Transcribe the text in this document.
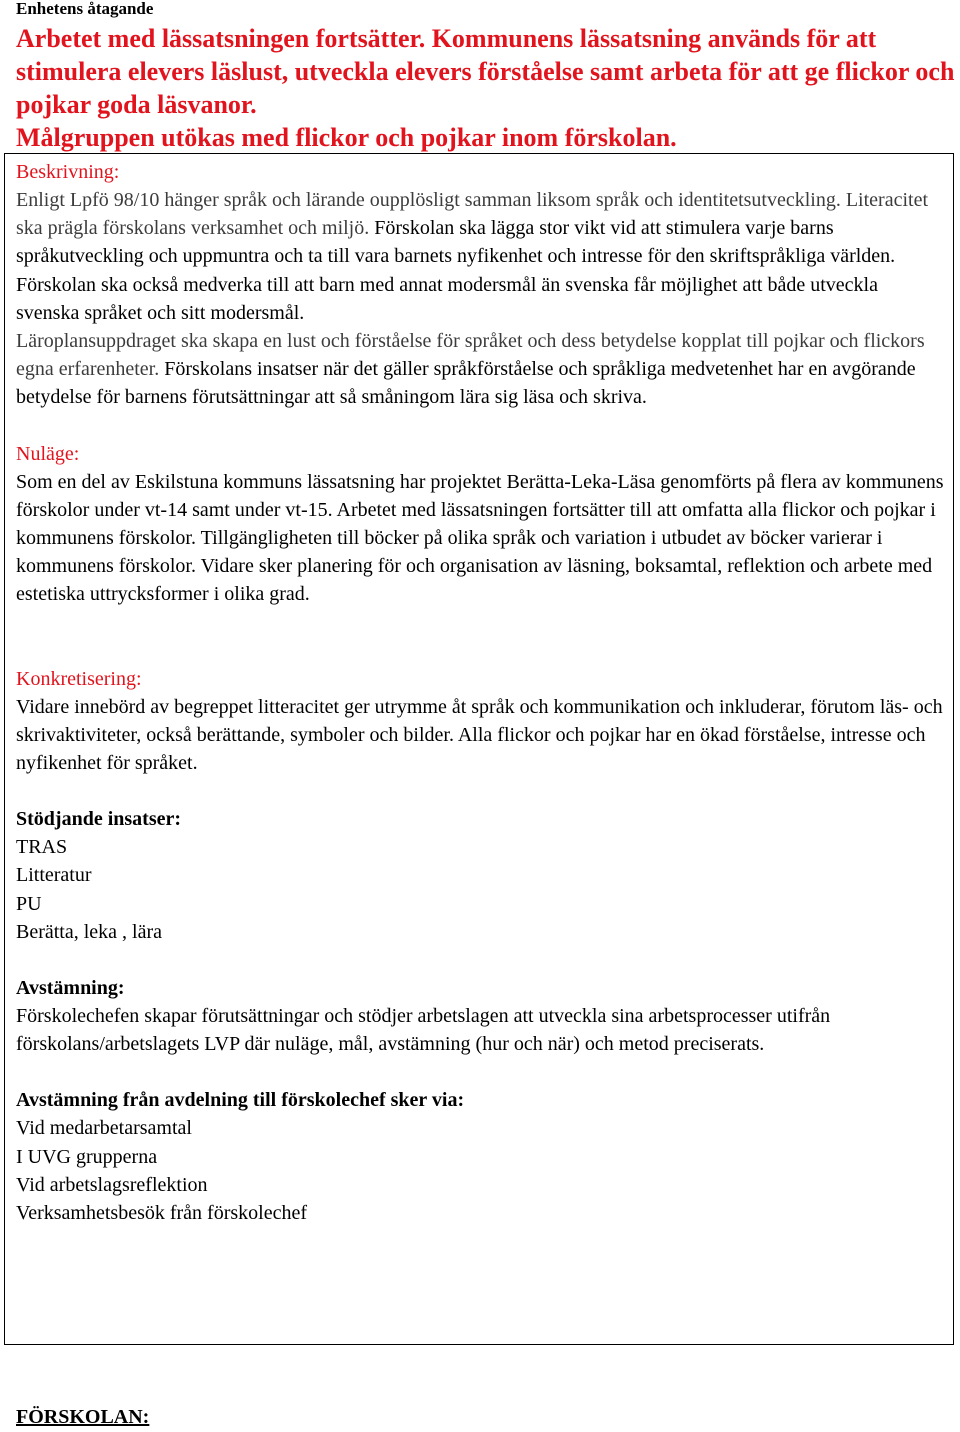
Enhetens åtagande
Arbetet med lässatsningen fortsätter. Kommunens lässatsning används för att stimulera elevers läslust, utveckla elevers förståelse samt arbeta för att ge flickor och pojkar goda läsvanor.
Målgruppen utökas med flickor och pojkar inom förskolan.

Beskrivning:

Enligt Lpfö 98/10 hänger språk och lärande oupplösligt samman liksom språk och identitetsutveckling. Literacitet ska prägla förskolans verksamhet och miljö. Förskolan ska lägga stor vikt vid att stimulera varje barns språkutveckling och uppmuntra och ta till vara barnets nyfikenhet och intresse för den skriftspråkliga världen. Förskolan ska också medverka till att barn med annat modersmål än svenska får möjlighet att både utveckla svenska språket och sitt modersmål.

Läroplansuppdraget ska skapa en lust och förståelse för språket och dess betydelse kopplat till pojkar och flickors egna erfarenheter. Förskolans insatser när det gäller språkförståelse och språkliga medvetenhet har en avgörande betydelse för barnens förutsättningar att så småningom lära sig läsa och skriva.

Nuläge:

Som en del av Eskilstuna kommuns lässatsning har projektet Berätta-Leka-Läsa genomförts på flera av kommunens förskolor under vt-14 samt under vt-15. Arbetet med lässatsningen fortsätter till att omfatta alla flickor och pojkar i kommunens förskolor. Tillgängligheten till böcker på olika språk och variation i utbudet av böcker varierar i kommunens förskolor. Vidare sker planering för och organisation av läsning, boksamtal, reflektion och arbete med estetiska uttrycksformer i olika grad.

Konkretisering:

Vidare innebörd av begreppet litteracitet ger utrymme åt språk och kommunikation och inkluderar, förutom läs- och skrivaktiviteter, också berättande, symboler och bilder. Alla flickor och pojkar har en ökad förståelse, intresse och nyfikenhet för språket.

Stödjande insatser:

TRAS

Litteratur

PU

Berätta, leka , lära

Avstämning:

Förskolechefen skapar förutsättningar och stödjer arbetslagen att utveckla sina arbetsprocesser utifrån förskolans/arbetslagets LVP där nuläge, mål, avstämning (hur och när) och metod preciserats.

Avstämning från avdelning till förskolechef sker via:

Vid medarbetarsamtal

I UVG grupperna

Vid arbetslagsreflektion

Verksamhetsbesök från förskolechef

FÖRSKOLAN:
